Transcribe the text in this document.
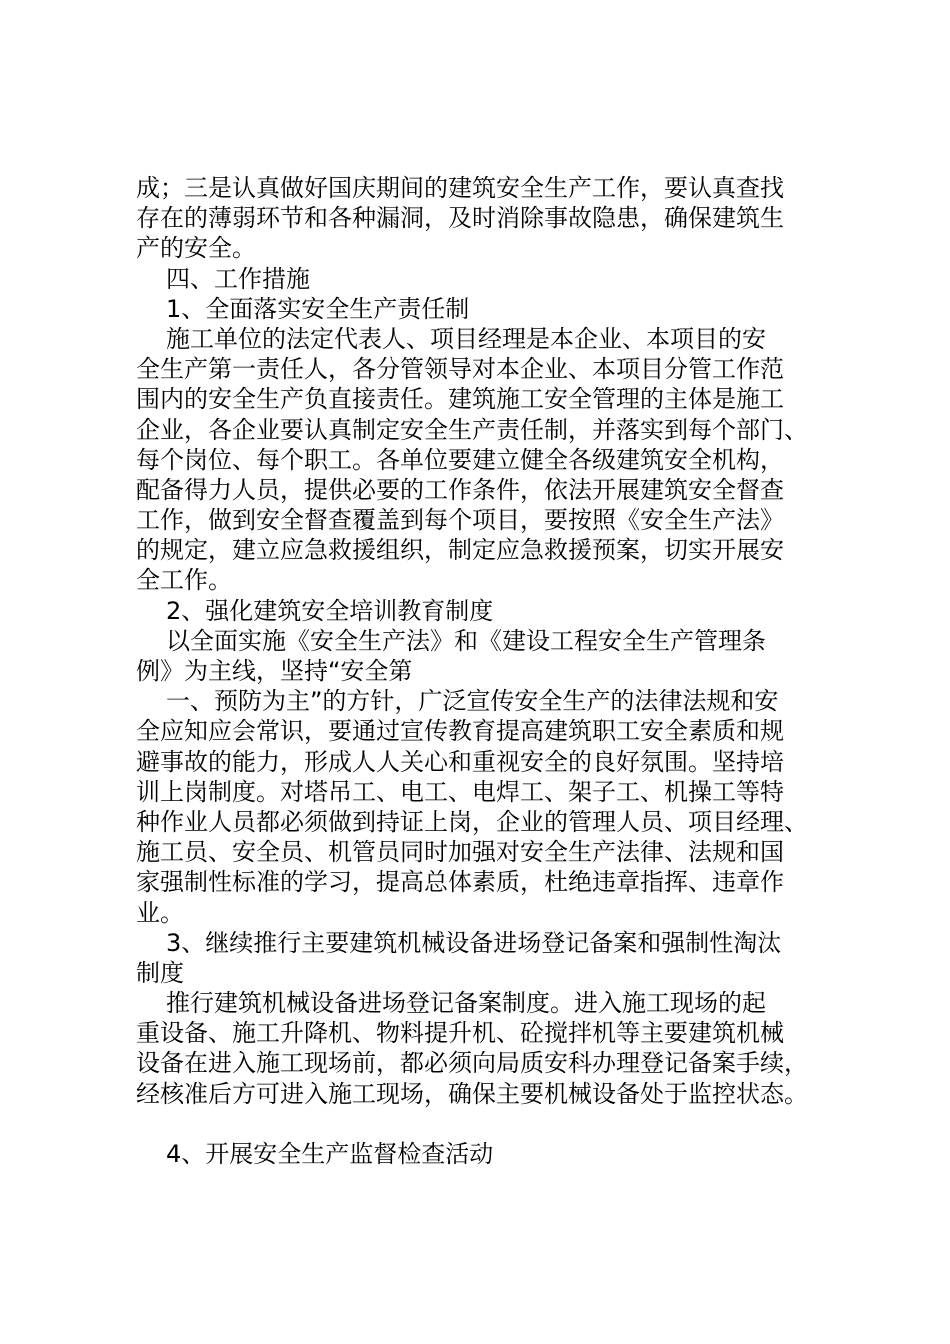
成；三是认真做好国庆期间的建筑安全生产工作，要认真查找
存在的薄弱环节和各种漏洞，及时消除事故隐患，确保建筑生
产的安全。
四、工作措施
1、全面落实安全生产责任制
施工单位的法定代表人、项目经理是本企业、本项目的安
全生产第一责任人，各分管领导对本企业、本项目分管工作范
围内的安全生产负直接责任。建筑施工安全管理的主体是施工
企业，各企业要认真制定安全生产责任制，并落实到每个部门、
每个岗位、每个职工。各单位要建立健全各级建筑安全机构，
配备得力人员，提供必要的工作条件，依法开展建筑安全督查
工作，做到安全督查覆盖到每个项目，要按照《安全生产法》
的规定，建立应急救援组织，制定应急救援预案，切实开展安
全工作。
2、强化建筑安全培训教育制度
以全面实施《安全生产法》和《建设工程安全生产管理条
例》为主线，坚持“安全第
一、预防为主”的方针，广泛宣传安全生产的法律法规和安
全应知应会常识，要通过宣传教育提高建筑职工安全素质和规
避事故的能力，形成人人关心和重视安全的良好氛围。坚持培
训上岗制度。对塔吊工、电工、电焊工、架子工、机操工等特
种作业人员都必须做到持证上岗，企业的管理人员、项目经理、
施工员、安全员、机管员同时加强对安全生产法律、法规和国
家强制性标准的学习，提高总体素质，杜绝违章指挥、违章作
业。
3、继续推行主要建筑机械设备进场登记备案和强制性淘汰
制度
推行建筑机械设备进场登记备案制度。进入施工现场的起
重设备、施工升降机、物料提升机、砼搅拌机等主要建筑机械
设备在进入施工现场前，都必须向局质安科办理登记备案手续，
经核准后方可进入施工现场，确保主要机械设备处于监控状态。
4、开展安全生产监督检查活动
